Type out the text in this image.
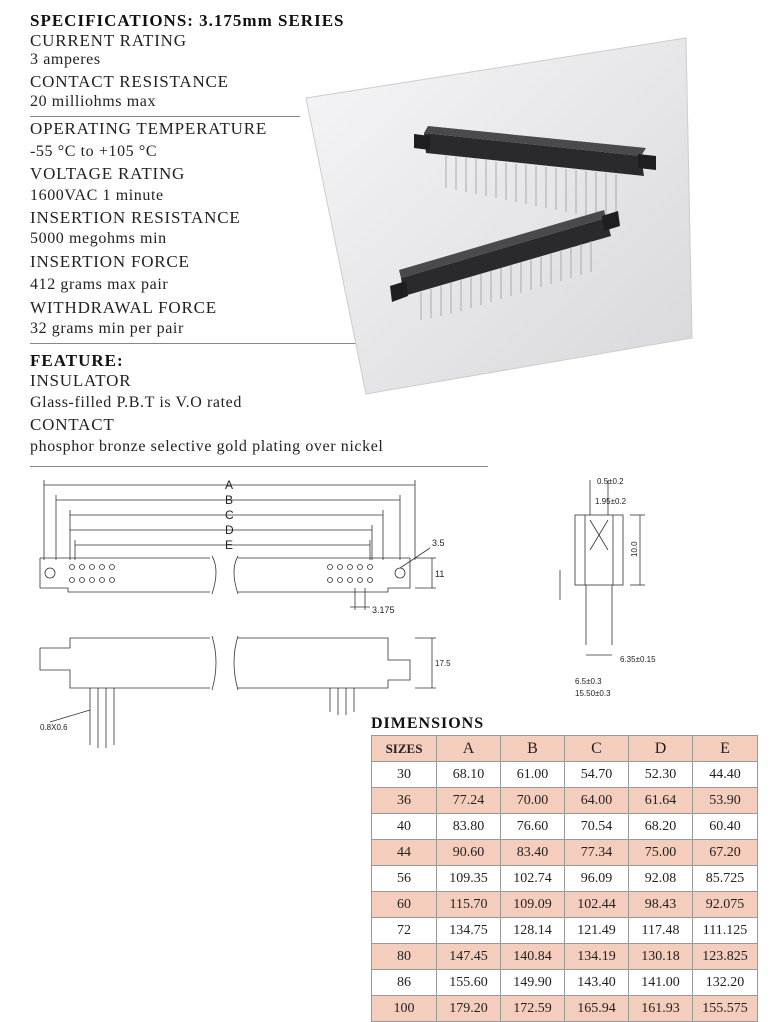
SPECIFICATIONS: 3.175mm SERIES
CURRENT RATING
3 amperes
CONTACT RESISTANCE
20 milliohms max
OPERATING TEMPERATURE
-55 °C to +105 °C
VOLTAGE RATING
1600VAC 1 minute
INSERTION RESISTANCE
5000 megohms min
INSERTION FORCE
412 grams max pair
WITHDRAWAL FORCE
32 grams min per pair
FEATURE:
INSULATOR
Glass-filled P.B.T is V.O rated
CONTACT
phosphor bronze selective gold plating over nickel
A
B
C
D
E	3.5
11
3.175
17.5
0.8X0.6
0.5±0.2
1.95±0.2
10.0
6.35±0.15
6.5±0.3
15.50±0.3
DIMENSIONS
SIZES	A	B	C	D	E
30	68.10	61.00	54.70	52.30	44.40
36	77.24	70.00	64.00	61.64	53.90
40	83.80	76.60	70.54	68.20	60.40
44	90.60	83.40	77.34	75.00	67.20
56	109.35	102.74	96.09	92.08	85.725
60	115.70	109.09	102.44	98.43	92.075
72	134.75	128.14	121.49	117.48	111.125
80	147.45	140.84	134.19	130.18	123.825
86	155.60	149.90	143.40	141.00	132.20
100	179.20	172.59	165.94	161.93	155.575
